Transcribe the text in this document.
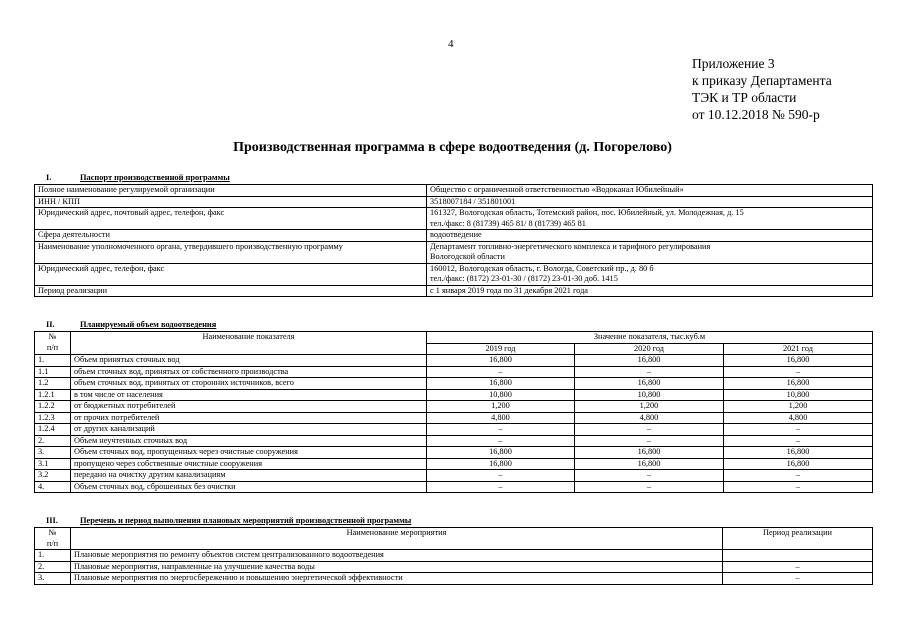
4
Приложение 3
к приказу Департамента
ТЭК и ТР области
от 10.12.2018 № 590-р
Производственная программа в сфере водоотведения (д. Погорелово)
I.	Паспорт производственной программы
Полное наименование регулируемой организации	Общество с ограниченной ответственностью «Водоканал Юбилейный»

ИНН / КПП	3518007184 / 351801001

Юридический адрес, почтовый адрес, телефон, факс	161327, Вологодская область, Тотемский район, пос. Юбилейный, ул. Молодежная, д. 15
тел./факс: 8 (81739) 465 81/ 8 (81739) 465 81

Сфера деятельности	водоотведение

Наименование уполномоченного органа, утвердившего производственную программу	Департамент топливно-энергетического комплекса и тарифного регулирования
Вологодской области

Юридический адрес, телефон, факс	160012, Вологодская область, г. Вологда, Советский пр., д. 80 б
тел./факс: (8172) 23-01-30 / (8172) 23-01-30 доб. 1415

Период реализации	с 1 января 2019 года по 31 декабря 2021 года
II.	Планируемый объем водоотведения
№
п/п	Наименование показателя	Значение показателя, тыс.куб.м		
		2019 год	2020 год	2021 год
1.	Объем принятых сточных вод	16,800	16,800	16,800
1.1	объем сточных вод, принятых от собственного производства	–	–	–
1.2	объем сточных вод, принятых от сторонних источников, всего	16,800	16,800	16,800
1.2.1	в том числе от населения	10,800	10,800	10,800
1.2.2	от бюджетных потребителей	1,200	1,200	1,200
1.2.3	от прочих потребителей	4,800	4,800	4,800
1.2.4	от других канализаций	–	–	–
2.	Объем неучтенных сточных вод	–	–	–
3.	Объем сточных вод, пропущенных через очистные сооружения	16,800	16,800	16,800
3.1	пропущено через собственные очистные сооружения	16,800	16,800	16,800
3.2	передано на очистку другим канализациям	–	–	–
4.	Объем сточных вод, сброшенных без очистки	–	–	–
III.	Перечень и период выполнения плановых мероприятий производственной программы
№
п/п	Наименование мероприятия	Период реализации
1.	Плановые мероприятия по ремонту объектов систем централизованного водоотведения	
2.	Плановые мероприятия, направленные на улучшение качества воды	–
3.	Плановые мероприятия по энергосбережению и повышению энергетической эффективности	–
